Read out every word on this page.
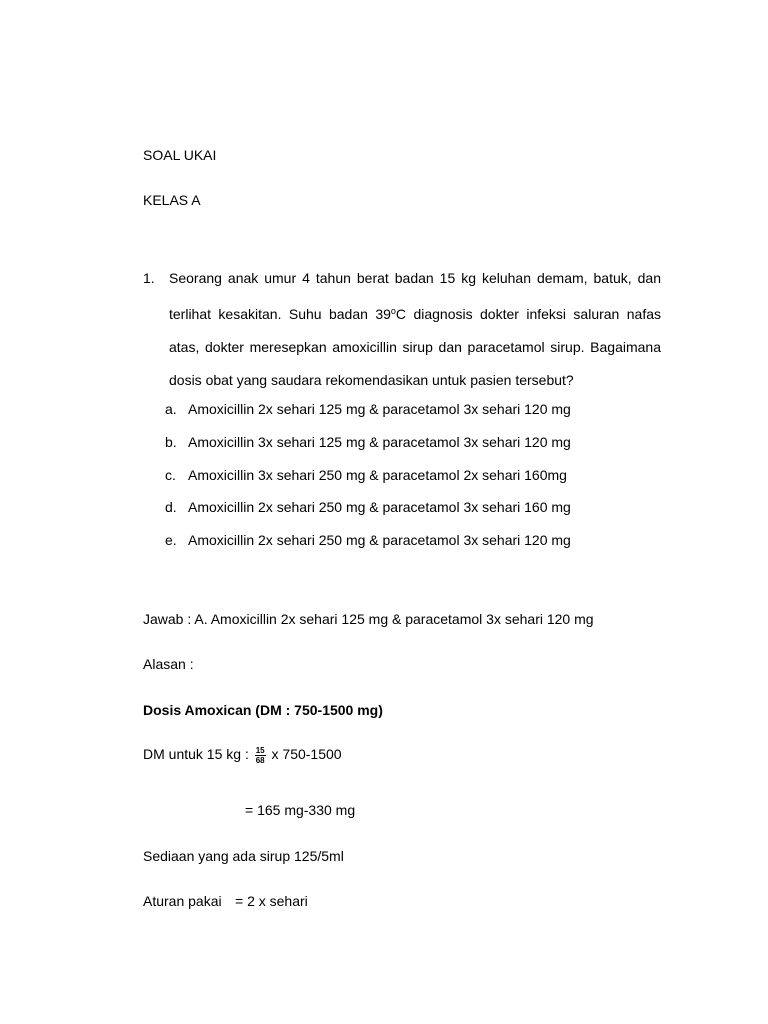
SOAL UKAI
KELAS A
1. Seorang anak umur 4 tahun berat badan 15 kg keluhan demam, batuk, dan terlihat kesakitan. Suhu badan 39$^o$C diagnosis dokter infeksi saluran nafas atas, dokter meresepkan amoxicillin sirup dan paracetamol sirup. Bagaimana dosis obat yang saudara rekomendasikan untuk pasien tersebut?
a. Amoxicillin 2x sehari 125 mg & paracetamol 3x sehari 120 mg
b. Amoxicillin 3x sehari 125 mg & paracetamol 3x sehari 120 mg
c. Amoxicillin 3x sehari 250 mg & paracetamol 2x sehari 160mg
d. Amoxicillin 2x sehari 250 mg & paracetamol 3x sehari 160 mg
e. Amoxicillin 2x sehari 250 mg & paracetamol 3x sehari 120 mg
Jawab : A. Amoxicillin 2x sehari 125 mg & paracetamol 3x sehari 120 mg
Alasan :
Dosis Amoxican (DM : 750-1500 mg)
DM untuk 15 kg : $\frac{15}{68}$ x 750-1500
= 165 mg-330 mg
Sediaan yang ada sirup 125/5ml
Aturan pakai = 2 x sehari
